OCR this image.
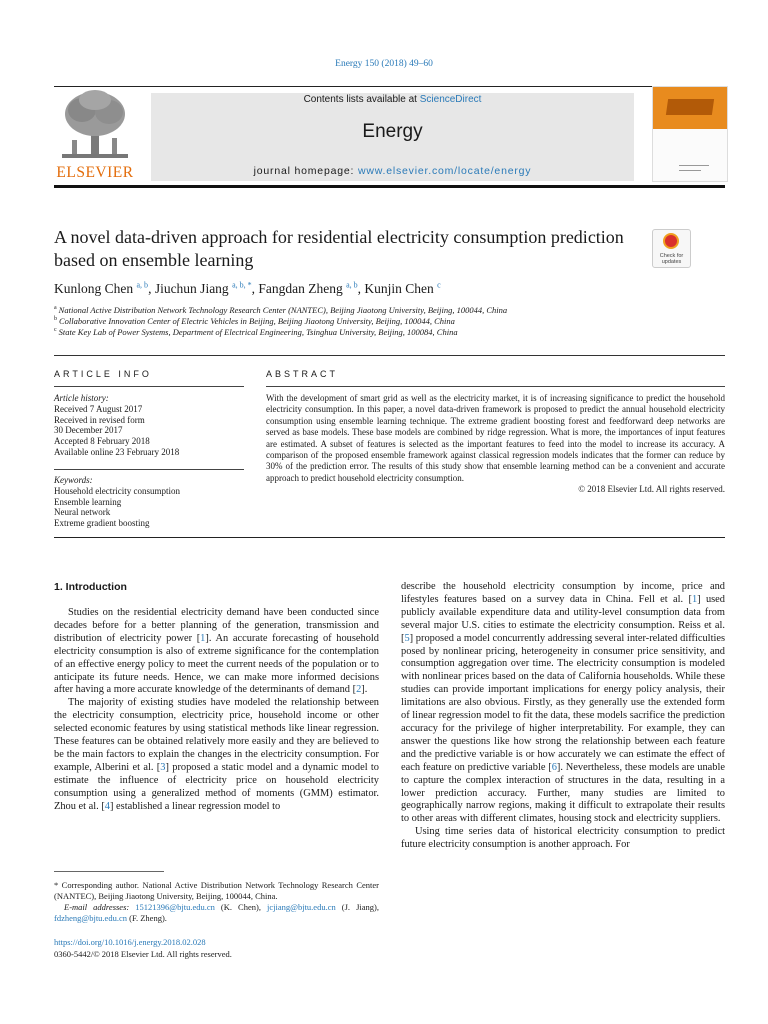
Energy 150 (2018) 49–60
ELSEVIER
Contents lists available at ScienceDirect
Energy
journal homepage: www.elsevier.com/locate/energy
A novel data-driven approach for residential electricity consumption prediction based on ensemble learning	Check for updates
Kunlong Chen $^{a, b}$, Jiuchun Jiang $^{a, b, *}$, Fangdan Zheng $^{a, b}$, Kunjin Chen $^c$
$^a$ National Active Distribution Network Technology Research Center (NANTEC), Beijing Jiaotong University, Beijing, 100044, China
$^b$ Collaborative Innovation Center of Electric Vehicles in Beijing, Beijing Jiaotong University, Beijing, 100044, China
$^c$ State Key Lab of Power Systems, Department of Electrical Engineering, Tsinghua University, Beijing, 100084, China
ARTICLE INFO
Article history:
Received 7 August 2017
Received in revised form
30 December 2017
Accepted 8 February 2018
Available online 23 February 2018
Keywords:
Household electricity consumption
Ensemble learning
Neural network
Extreme gradient boosting
ABSTRACT
With the development of smart grid as well as the electricity market, it is of increasing significance to predict the household electricity consumption. In this paper, a novel data-driven framework is proposed to predict the annual household electricity consumption using ensemble learning technique. The extreme gradient boosting forest and feedforward deep networks are served as base models. These base models are combined by ridge regression. What is more, the importances of input features are estimated. A subset of features is selected as the important features to feed into the model to increase its accuracy. A comparison of the proposed ensemble framework against classical regression models indicates that the former can reduce by 30% of the prediction error. The results of this study show that ensemble learning method can be a convenient and accurate approach to predict household electricity consumption.
© 2018 Elsevier Ltd. All rights reserved.
1. Introduction

Studies on the residential electricity demand have been conducted since decades before for a better planning of the generation, transmission and distribution of electricity power [1]. An accurate forecasting of household electricity consumption is also of extreme significance for the contemplation of an effective energy policy to meet the current needs of the population or to anticipate its future needs. Hence, we can make more informed decisions after having a more accurate knowledge of the determinants of demand [2].

The majority of existing studies have modeled the relationship between the electricity consumption, electricity price, household income or other selected economic features by using statistical methods like linear regression. These features can be obtained relatively more easily and they are believed to be the main factors to explain the changes in the electricity consumption. For example, Alberini et al. [3] proposed a static model and a dynamic model to estimate the influence of electricity price on household electricity consumption using a generalized method of moments (GMM) estimator. Zhou et al. [4] established a linear regression model to

describe the household electricity consumption by income, price and lifestyles features based on a survey data in China. Fell et al. [1] used publicly available expenditure data and utility-level consumption data from several major U.S. cities to estimate the electricity consumption. Reiss et al. [5] proposed a model concurrently addressing several inter-related difficulties posed by nonlinear pricing, heterogeneity in consumer price sensitivity, and consumption aggregation over time. The electricity consumption is modeled with nonlinear prices based on the data of California households. While these studies can provide important implications for energy policy analysis, their limitations are also obvious. Firstly, as they generally use the extended form of linear regression model to fit the data, these models sacrifice the prediction accuracy for the privilege of higher interpretability. For example, they can answer the questions like how strong the relationship between each feature and the predictive variable is or how accurately we can estimate the effect of each feature on predictive variable [6]. Nevertheless, these models are unable to capture the complex interaction of structures in the data, resulting in a lower prediction accuracy. Further, many studies are limited to geographically narrow regions, making it difficult to extrapolate their results to other areas with different climates, housing stock and electricity suppliers.

Using time series data of historical electricity consumption to predict future electricity consumption is another approach. For

* Corresponding author. National Active Distribution Network Technology Research Center (NANTEC), Beijing Jiaotong University, Beijing, 100044, China.
E-mail addresses: 15121396@bjtu.edu.cn (K. Chen), jcjiang@bjtu.edu.cn (J. Jiang), fdzheng@bjtu.edu.cn (F. Zheng).
https://doi.org/10.1016/j.energy.2018.02.028
0360-5442/© 2018 Elsevier Ltd. All rights reserved.
